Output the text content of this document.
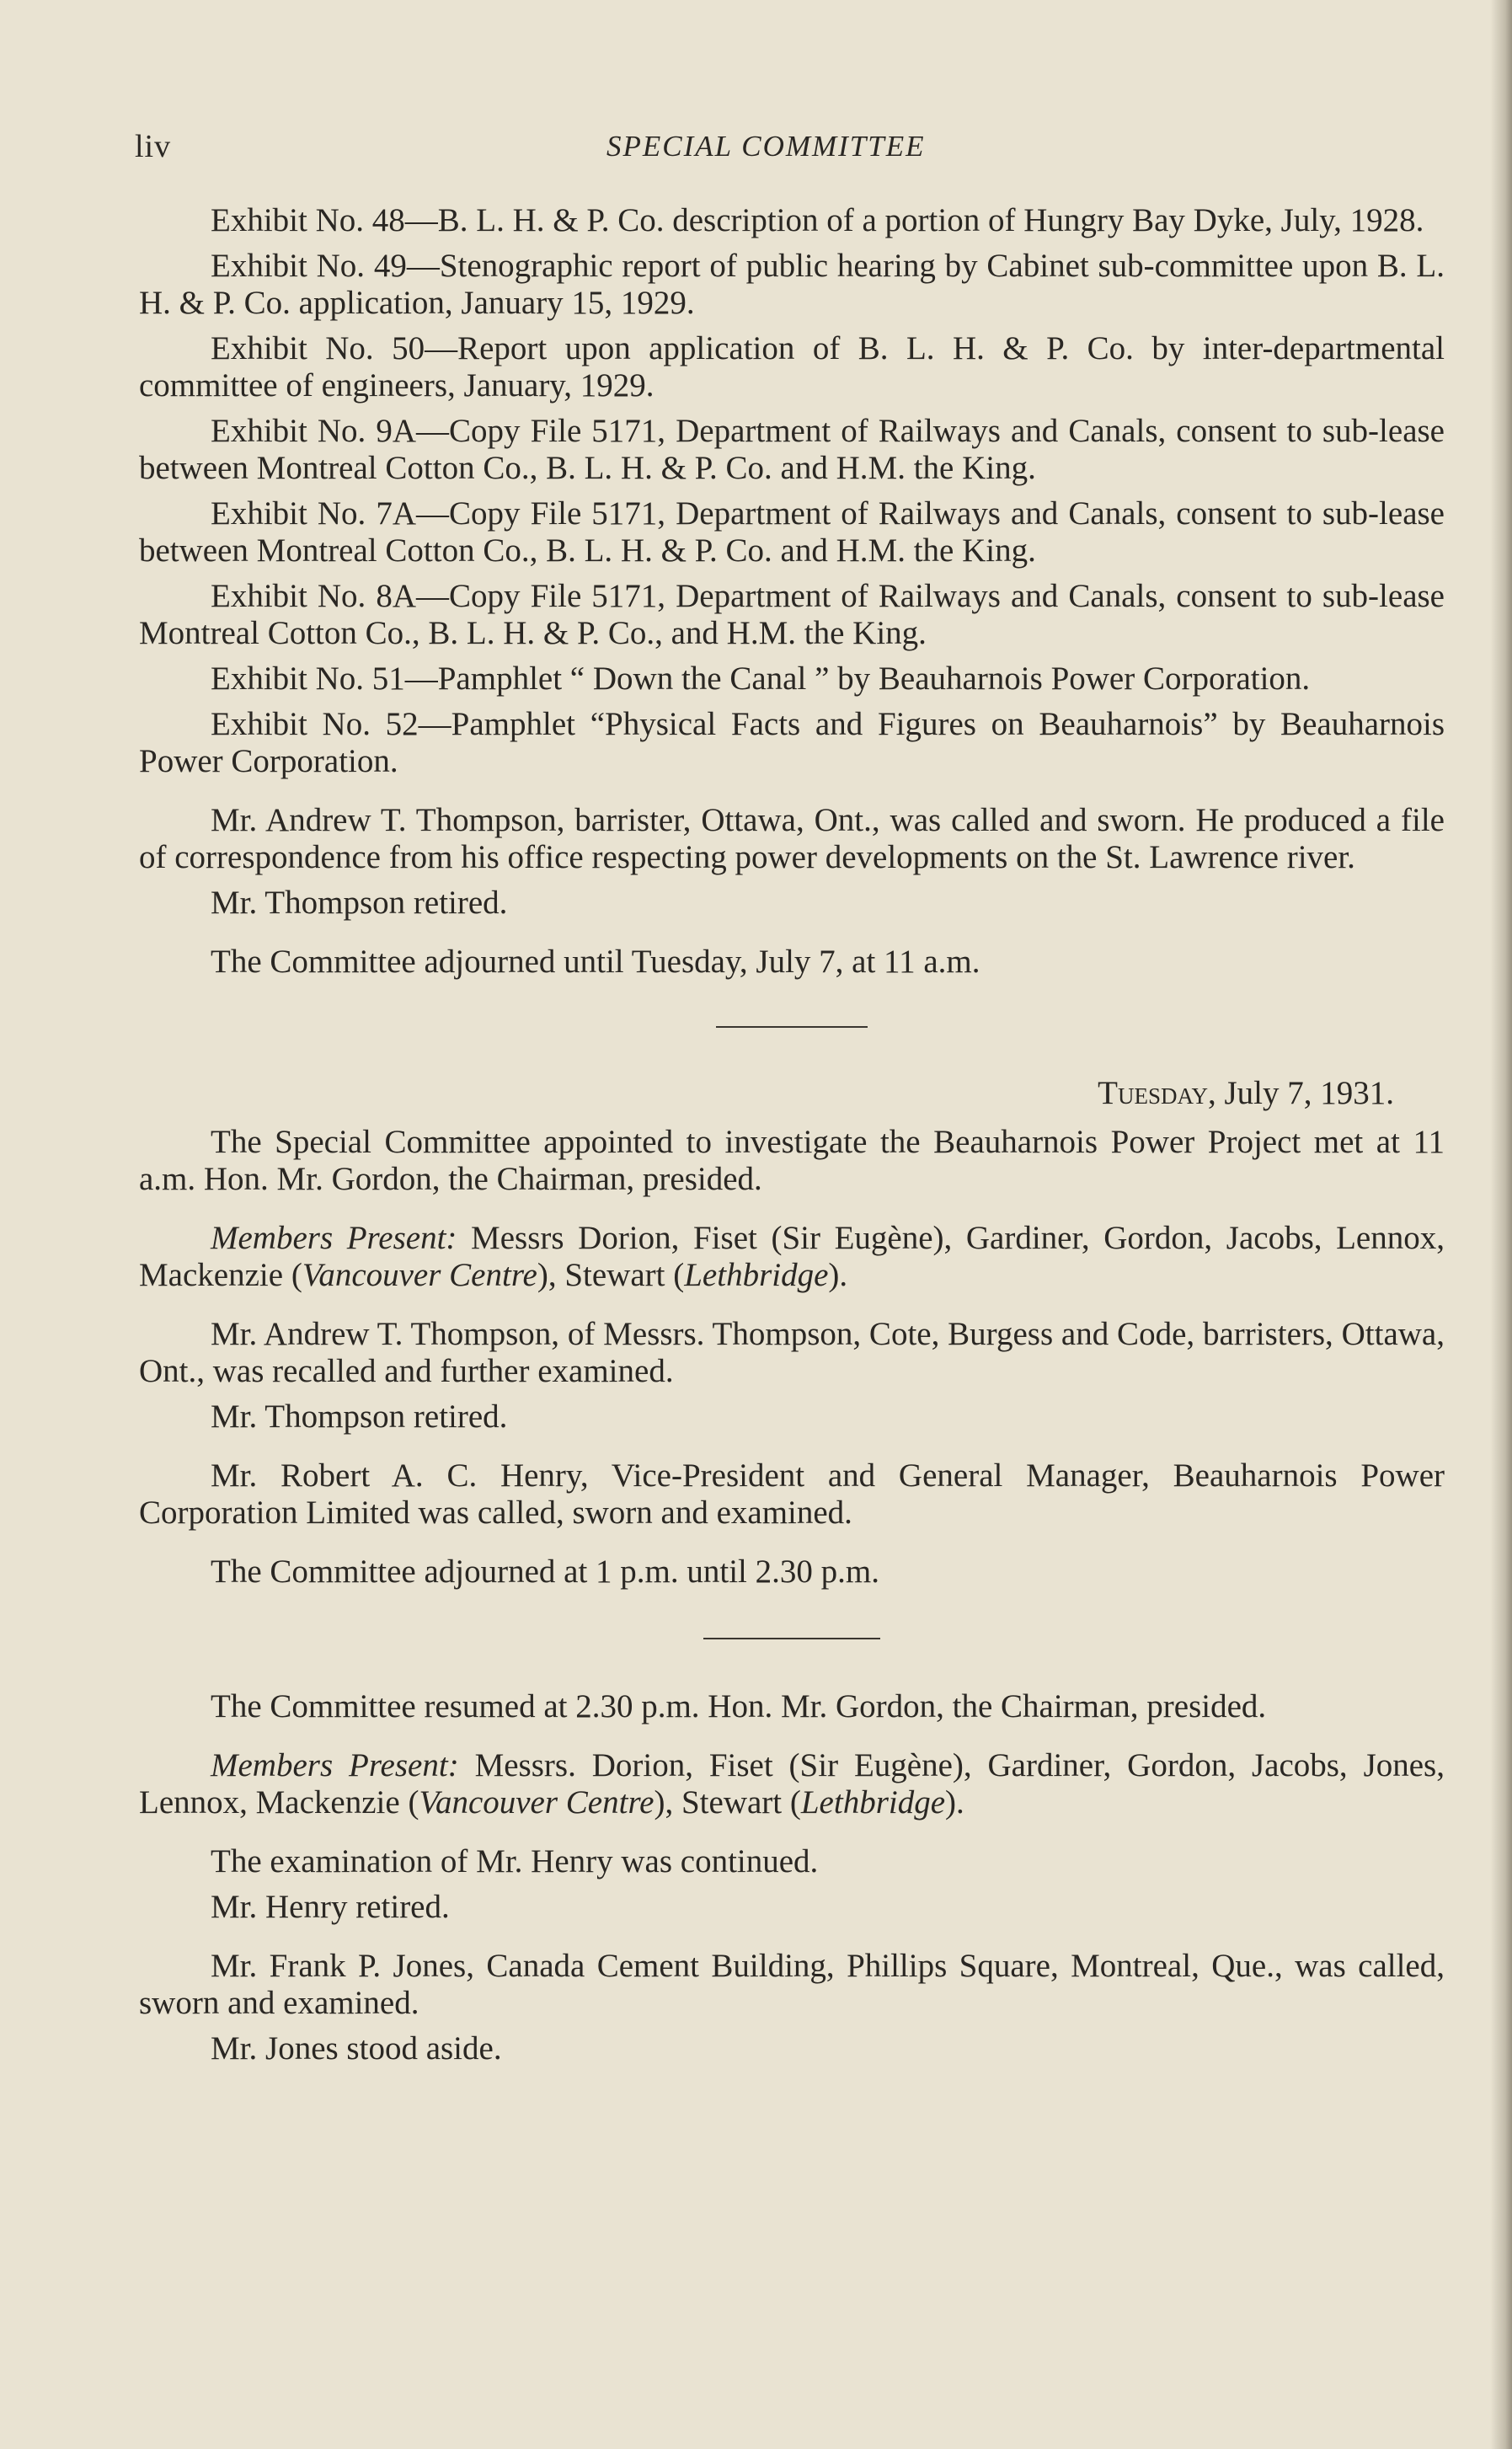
liv	SPECIAL COMMITTEE

Exhibit No. 48—B. L. H. & P. Co. description of a portion of Hungry Bay Dyke, July, 1928.

Exhibit No. 49—Stenographic report of public hearing by Cabinet sub-committee upon B. L. H. & P. Co. application, January 15, 1929.

Exhibit No. 50—Report upon application of B. L. H. & P. Co. by inter-departmental committee of engineers, January, 1929.

Exhibit No. 9A—Copy File 5171, Department of Railways and Canals, consent to sub-lease between Montreal Cotton Co., B. L. H. & P. Co. and H.M. the King.

Exhibit No. 7A—Copy File 5171, Department of Railways and Canals, consent to sub-lease between Montreal Cotton Co., B. L. H. & P. Co. and H.M. the King.

Exhibit No. 8A—Copy File 5171, Department of Railways and Canals, consent to sub-lease Montreal Cotton Co., B. L. H. & P. Co., and H.M. the King.

Exhibit No. 51—Pamphlet “ Down the Canal ” by Beauharnois Power Corporation.

Exhibit No. 52—Pamphlet “Physical Facts and Figures on Beauharnois” by Beauharnois Power Corporation.

Mr. Andrew T. Thompson, barrister, Ottawa, Ont., was called and sworn. He produced a file of correspondence from his office respecting power developments on the St. Lawrence river.

Mr. Thompson retired.

The Committee adjourned until Tuesday, July 7, at 11 a.m.

Tuesday, July 7, 1931.

The Special Committee appointed to investigate the Beauharnois Power Project met at 11 a.m. Hon. Mr. Gordon, the Chairman, presided.

Members Present: Messrs Dorion, Fiset (Sir Eugène), Gardiner, Gordon, Jacobs, Lennox, Mackenzie (Vancouver Centre), Stewart (Lethbridge).

Mr. Andrew T. Thompson, of Messrs. Thompson, Cote, Burgess and Code, barristers, Ottawa, Ont., was recalled and further examined.

Mr. Thompson retired.

Mr. Robert A. C. Henry, Vice-President and General Manager, Beauharnois Power Corporation Limited was called, sworn and examined.

The Committee adjourned at 1 p.m. until 2.30 p.m.

The Committee resumed at 2.30 p.m. Hon. Mr. Gordon, the Chairman, presided.

Members Present: Messrs. Dorion, Fiset (Sir Eugène), Gardiner, Gordon, Jacobs, Jones, Lennox, Mackenzie (Vancouver Centre), Stewart (Lethbridge).

The examination of Mr. Henry was continued.

Mr. Henry retired.

Mr. Frank P. Jones, Canada Cement Building, Phillips Square, Montreal, Que., was called, sworn and examined.

Mr. Jones stood aside.
